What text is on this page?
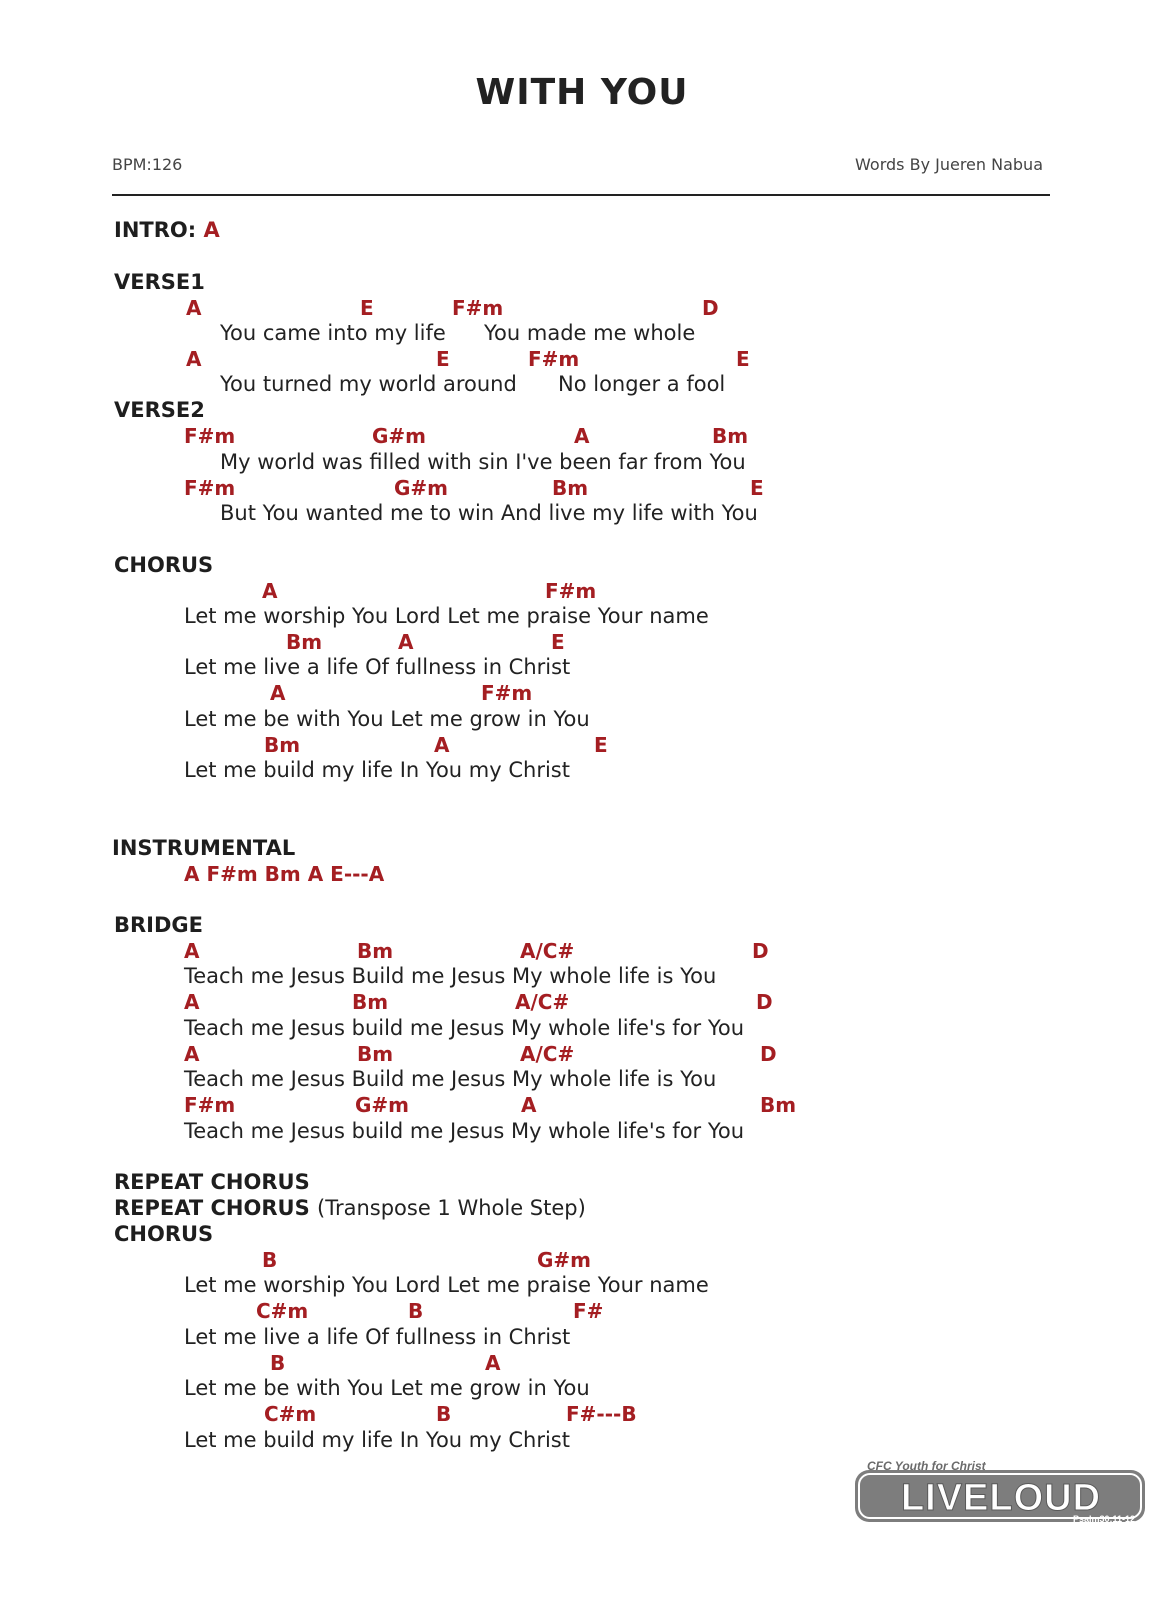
WITH YOU
BPM:126	Words By Jueren Nabua
INTRO: A
VERSE1
A	E	F#m	D
You came into my life You made me whole
A	E	F#m	E
You turned my world around No longer a fool
VERSE2
F#m	G#m	A	Bm
My world was filled with sin I've been far from You
F#m	G#m	Bm	E
But You wanted me to win And live my life with You
CHORUS
A	F#m
Let me worship You Lord Let me praise Your name
Bm	A	E
Let me live a life Of fullness in Christ
A	F#m
Let me be with You Let me grow in You
Bm	A	E
Let me build my life In You my Christ
INSTRUMENTAL
A F#m Bm A E---A
BRIDGE
A	Bm	A/C#	D
Teach me Jesus Build me Jesus My whole life is You
A	Bm	A/C#	D
Teach me Jesus build me Jesus My whole life's for You
A	Bm	A/C#	D
Teach me Jesus Build me Jesus My whole life is You
F#m	G#m	A	Bm
Teach me Jesus build me Jesus My whole life's for You
REPEAT CHORUS
REPEAT CHORUS (Transpose 1 Whole Step)
CHORUS
B	G#m
Let me worship You Lord Let me praise Your name
C#m	B	F#
Let me live a life Of fullness in Christ
B	A
Let me be with You Let me grow in You
C#m	B	F#---B
Let me build my life In You my Christ
CFC Youth for Christ
LIVELOUD
Psalm30:11-12
